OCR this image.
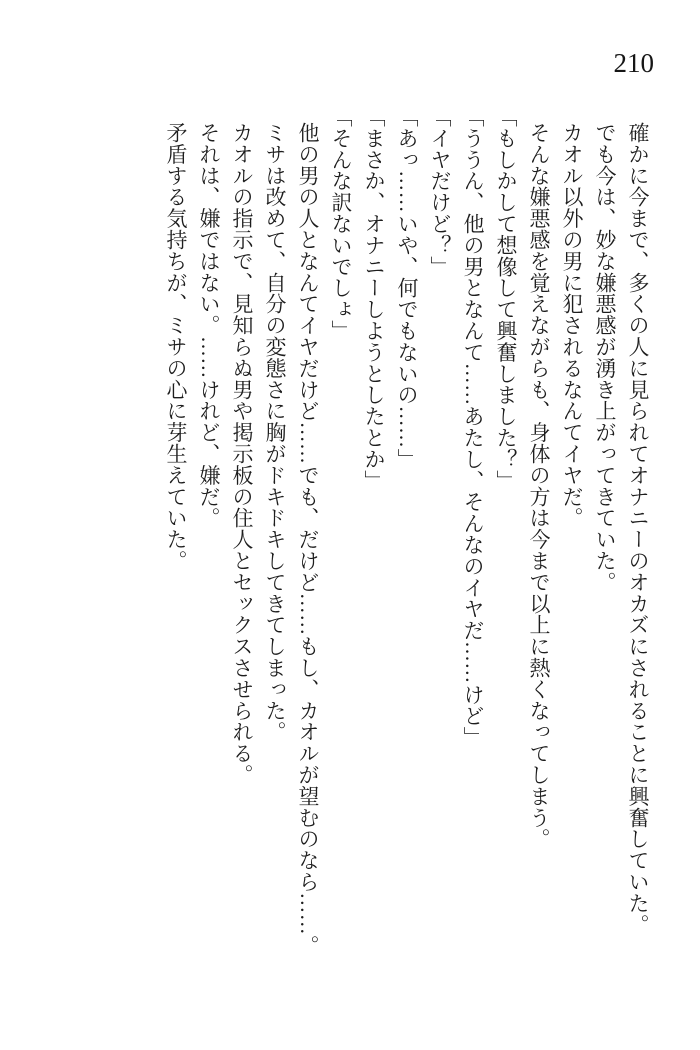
210

確かに今まで、多くの人に見られてオナニーのオカズにされることに興奮していた。

でも今は、妙な嫌悪感が湧き上がってきていた。

カオル以外の男に犯されるなんてイヤだ。

そんな嫌悪感を覚えながらも、身体の方は今まで以上に熱くなってしまう。

「もしかして想像して興奮しました？」

「ううん、他の男となんて……あたし、そんなのイヤだ……けど」

「イヤだけど？」

「あっ……いや、何でもないの……」

「まさか、オナニーしようとしたとか」

「そんな訳ないでしょ」

他の男の人となんてイヤだけど……でも、だけど……もし、カオルが望むのなら……。

ミサは改めて、自分の変態さに胸がドキドキしてきてしまった。

カオルの指示で、見知らぬ男や掲示板の住人とセックスさせられる。

それは、嫌ではない。……けれど、嫌だ。

矛盾する気持ちが、ミサの心に芽生えていた。
